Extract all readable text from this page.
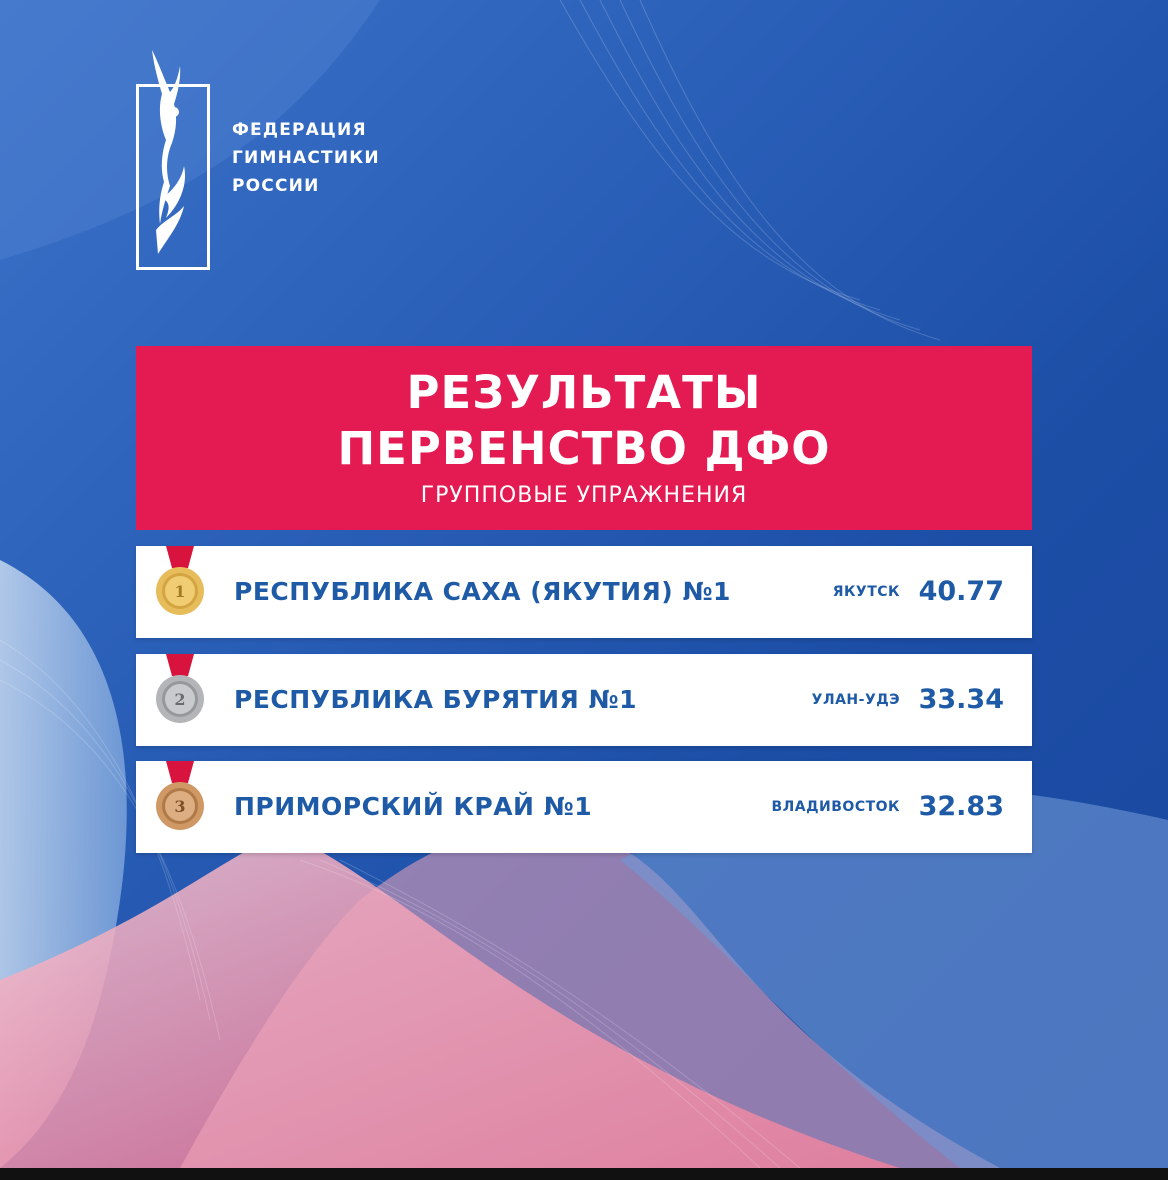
ФЕДЕРАЦИЯ
ГИМНАСТИКИ
РОССИИ
РЕЗУЛЬТАТЫ
ПЕРВЕНСТВО ДФО
ГРУППОВЫЕ УПРАЖНЕНИЯ
1 РЕСПУБЛИКА САХА (ЯКУТИЯ) №1	ЯКУТСК 40.77
2 РЕСПУБЛИКА БУРЯТИЯ №1	УЛАН-УДЭ 33.34
3 ПРИМОРСКИЙ КРАЙ №1	ВЛАДИВОСТОК 32.83
